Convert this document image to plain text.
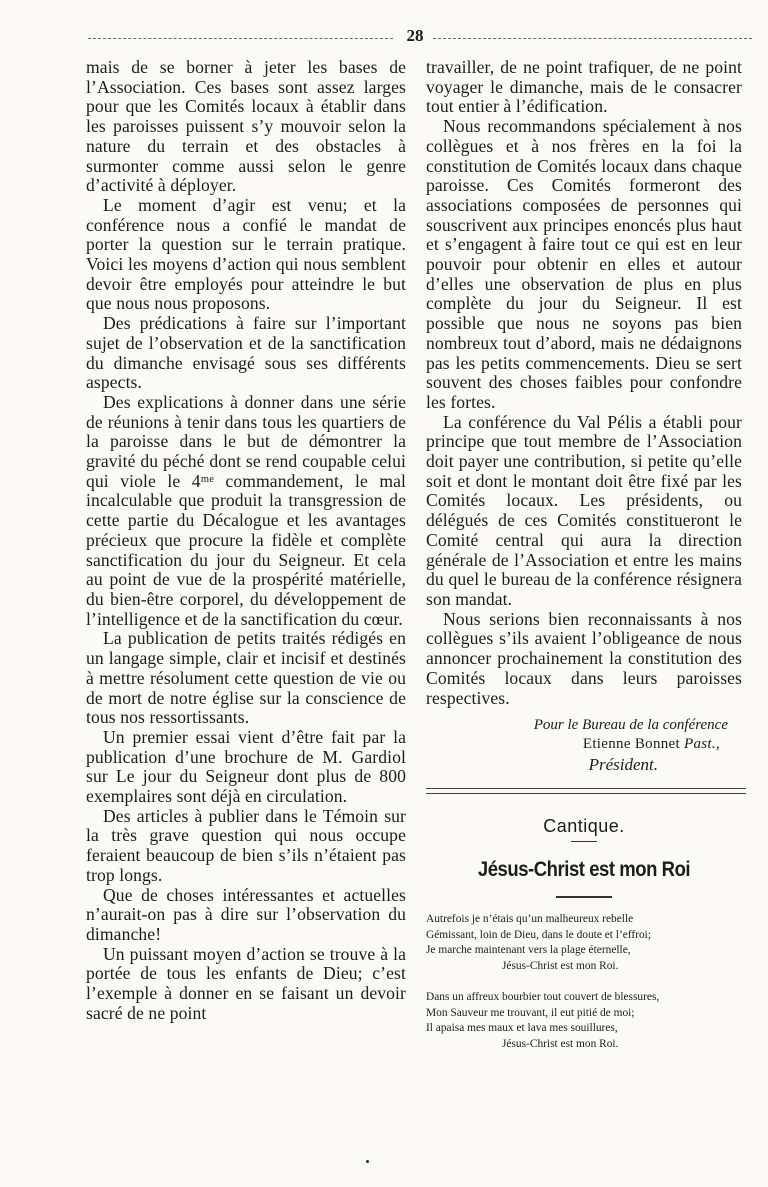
28

mais de se borner à jeter les bases de l’Association. Ces bases sont assez larges pour que les Comités locaux à établir dans les paroisses puissent s’y mouvoir selon la nature du terrain et des obstacles à surmonter comme aussi selon le genre d’activité à déployer.

Le moment d’agir est venu; et la conférence nous a confié le mandat de porter la question sur le terrain pratique. Voici les moyens d’action qui nous semblent devoir être employés pour atteindre le but que nous nous proposons.

Des prédications à faire sur l’important sujet de l’observation et de la sanctification du dimanche envisagé sous ses différents aspects.

Des explications à donner dans une série de réunions à tenir dans tous les quartiers de la paroisse dans le but de démontrer la gravité du péché dont se rend coupable celui qui viole le 4ᵐᵉ commandement, le mal incalculable que produit la transgression de cette partie du Décalogue et les avantages précieux que procure la fidèle et complète sanctification du jour du Seigneur. Et cela au point de vue de la prospérité matérielle, du bien-être corporel, du développement de l’intelligence et de la sanctification du cœur.

La publication de petits traités rédigés en un langage simple, clair et incisif et destinés à mettre résolument cette question de vie ou de mort de notre église sur la conscience de tous nos ressortissants.

Un premier essai vient d’être fait par la publication d’une brochure de M. Gardiol sur Le jour du Seigneur dont plus de 800 exemplaires sont déjà en circulation.

Des articles à publier dans le Témoin sur la très grave question qui nous occupe feraient beaucoup de bien s’ils n’étaient pas trop longs.

Que de choses intéressantes et actuelles n’aurait-on pas à dire sur l’observation du dimanche!

Un puissant moyen d’action se trouve à la portée de tous les enfants de Dieu; c’est l’exemple à donner en se faisant un devoir sacré de ne point

travailler, de ne point trafiquer, de ne point voyager le dimanche, mais de le consacrer tout entier à l’édification.

Nous recommandons spécialement à nos collègues et à nos frères en la foi la constitution de Comités locaux dans chaque paroisse. Ces Comités formeront des associations composées de personnes qui souscrivent aux principes enoncés plus haut et s’engagent à faire tout ce qui est en leur pouvoir pour obtenir en elles et autour d’elles une observation de plus en plus complète du jour du Seigneur. Il est possible que nous ne soyons pas bien nombreux tout d’abord, mais ne dédaignons pas les petits commencements. Dieu se sert souvent des choses faibles pour confondre les fortes.

La conférence du Val Pélis a établi pour principe que tout membre de l’Association doit payer une contribution, si petite qu’elle soit et dont le montant doit être fixé par les Comités locaux. Les présidents, ou délégués de ces Comités constitueront le Comité central qui aura la direction générale de l’Association et entre les mains du quel le bureau de la conférence résignera son mandat.

Nous serions bien reconnaissants à nos collègues s’ils avaient l’obligeance de nous annoncer prochainement la constitution des Comités locaux dans leurs paroisses respectives.

Pour le Bureau de la conférence
Etienne Bonnet Past.,
Président.
Cantique.
Jésus-Christ est mon Roi
Autrefois je n’étais qu’un malheureux rebelle
Gémissant, loin de Dieu, dans le doute et l’effroi;
Je marche maintenant vers la plage éternelle,
Jésus-Christ est mon Roi.
Dans un affreux bourbier tout couvert de blessures,
Mon Sauveur me trouvant, il eut pitié de moi;
Il apaisa mes maux et lava mes souillures,
Jésus-Christ est mon Roi.
